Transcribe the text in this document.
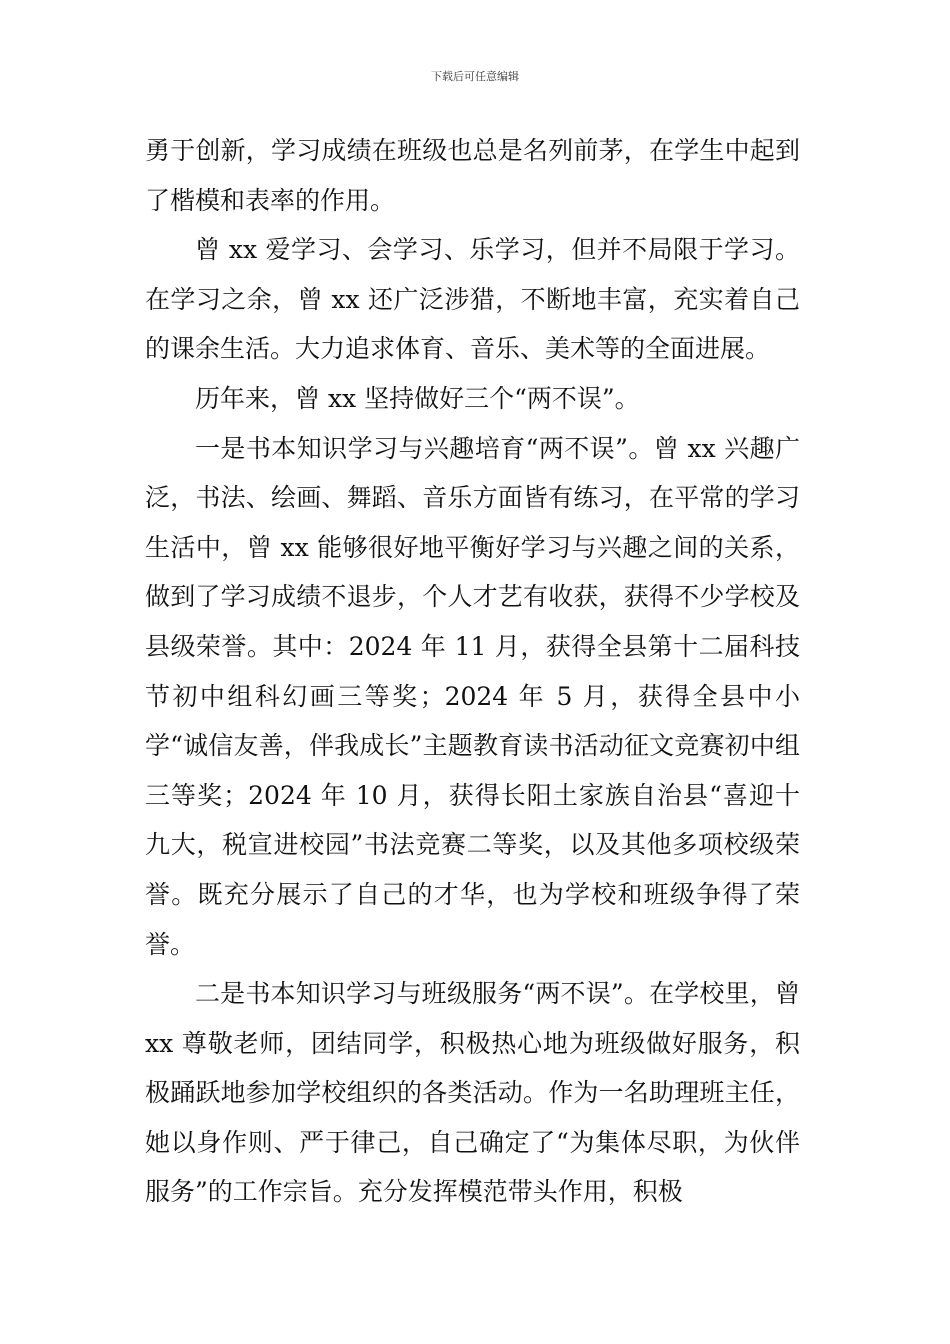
下载后可任意编辑

勇于创新，学习成绩在班级也总是名列前茅，在学生中起到了楷模和表率的作用。

曾 xx 爱学习、会学习、乐学习，但并不局限于学习。在学习之余，曾 xx 还广泛涉猎，不断地丰富，充实着自己的课余生活。大力追求体育、音乐、美术等的全面进展。

历年来，曾 xx 坚持做好三个“两不误”。

一是书本知识学习与兴趣培育“两不误”。曾 xx 兴趣广泛，书法、绘画、舞蹈、音乐方面皆有练习，在平常的学习生活中，曾 xx 能够很好地平衡好学习与兴趣之间的关系，做到了学习成绩不退步，个人才艺有收获，获得不少学校及县级荣誉。其中：2024 年 11 月，获得全县第十二届科技节初中组科幻画三等奖；2024 年 5 月，获得全县中小学“诚信友善，伴我成长”主题教育读书活动征文竞赛初中组三等奖；2024 年 10 月，获得长阳土家族自治县“喜迎十九大，税宣进校园”书法竞赛二等奖，以及其他多项校级荣誉。既充分展示了自己的才华，也为学校和班级争得了荣誉。

二是书本知识学习与班级服务“两不误”。在学校里，曾 xx 尊敬老师，团结同学，积极热心地为班级做好服务，积极踊跃地参加学校组织的各类活动。作为一名助理班主任，她以身作则、严于律己，自己确定了“为集体尽职，为伙伴服务”的工作宗旨。充分发挥模范带头作用，积极
